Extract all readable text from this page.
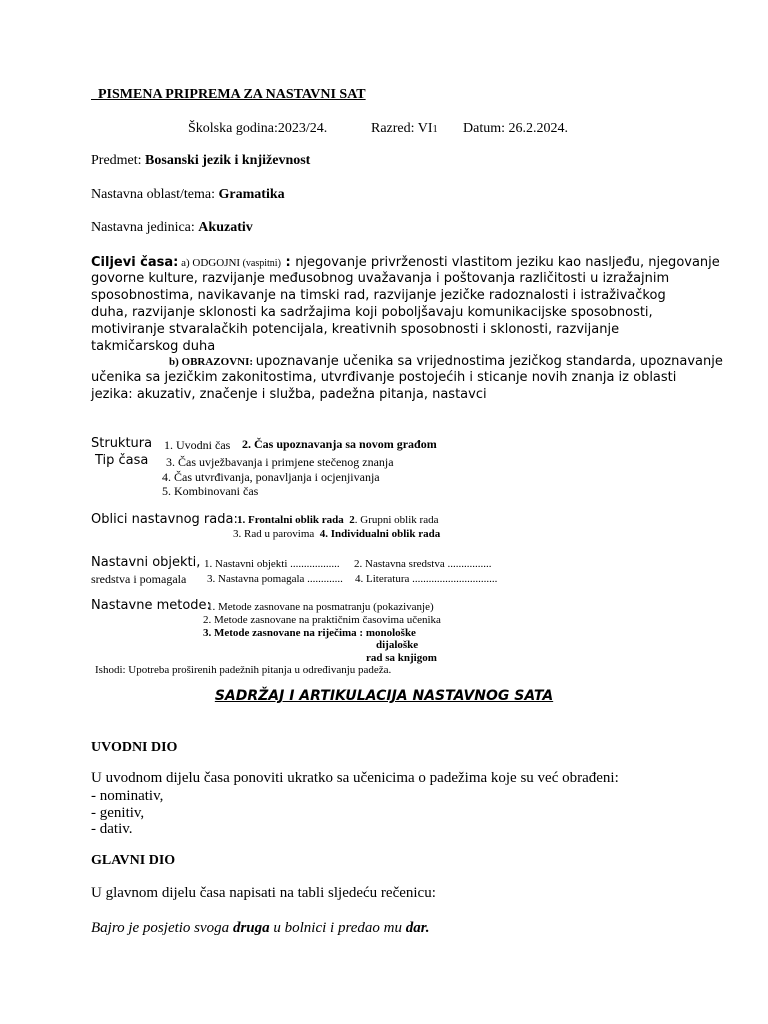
PISMENA PRIPREMA ZA NASTAVNI SAT
Školska godina:2023/24.	Razred: VI1 Datum: 26.2.2024.
Predmet: Bosanski jezik i književnost
Nastavna oblast/tema: Gramatika
Nastavna jedinica: Akuzativ
Ciljevi časa: a) ODGOJNI (vaspitni) : njegovanje privrženosti vlastitom jeziku kao nasljeđu, njegovanje
govorne kulture, razvijanje međusobnog uvažavanja i poštovanja različitosti u izražajnim sposobnostima, navikavanje na timski rad, razvijanje jezičke radoznalosti i istraživačkog duha, razvijanje sklonosti ka sadržajima koji poboljšavaju komunikacijske sposobnosti, motiviranje stvaralačkih potencijala, kreativnih sposobnosti i sklonosti, razvijanje takmičarskog duha
b) OBRAZOVNI: upoznavanje učenika sa vrijednostima jezičkog standarda, upoznavanje
učenika sa jezičkim zakonitostima, utvrđivanje postojećih i sticanje novih znanja iz oblasti jezika: akuzativ, značenje i služba, padežna pitanja, nastavci
Struktura
Tip časa
1. Uvodni čas 2. Čas upoznavanja sa novom građom
3. Čas uvježbavanja i primjene stečenog znanja
4. Čas utvrđivanja, ponavljanja i ocjenjivanja
5. Kombinovani čas
Oblici nastavnog rada: 1. Frontalni oblik rada 2. Grupni oblik rada
3. Rad u parovima 4. Individualni oblik rada
Nastavni objekti,
sredstva i pomagala
1. Nastavni objekti .................. 2. Nastavna sredstva ................
3. Nastavna pomagala ............. 4. Literatura ...............................
Nastavne metode:
1. Metode zasnovane na posmatranju (pokazivanje)
2. Metode zasnovane na praktičnim časovima učenika
3. Metode zasnovane na riječima : monološke
dijaloške
rad sa knjigom
Ishodi: Upotreba proširenih padežnih pitanja u određivanju padeža.
SADRŽAJ I ARTIKULACIJA NASTAVNOG SATA
UVODNI DIO
U uvodnom dijelu časa ponoviti ukratko sa učenicima o padežima koje su već obrađeni:
- nominativ,
- genitiv,
- dativ.
GLAVNI DIO
U glavnom dijelu časa napisati na tabli sljedeću rečenicu:
Bajro je posjetio svoga druga u bolnici i predao mu dar.
